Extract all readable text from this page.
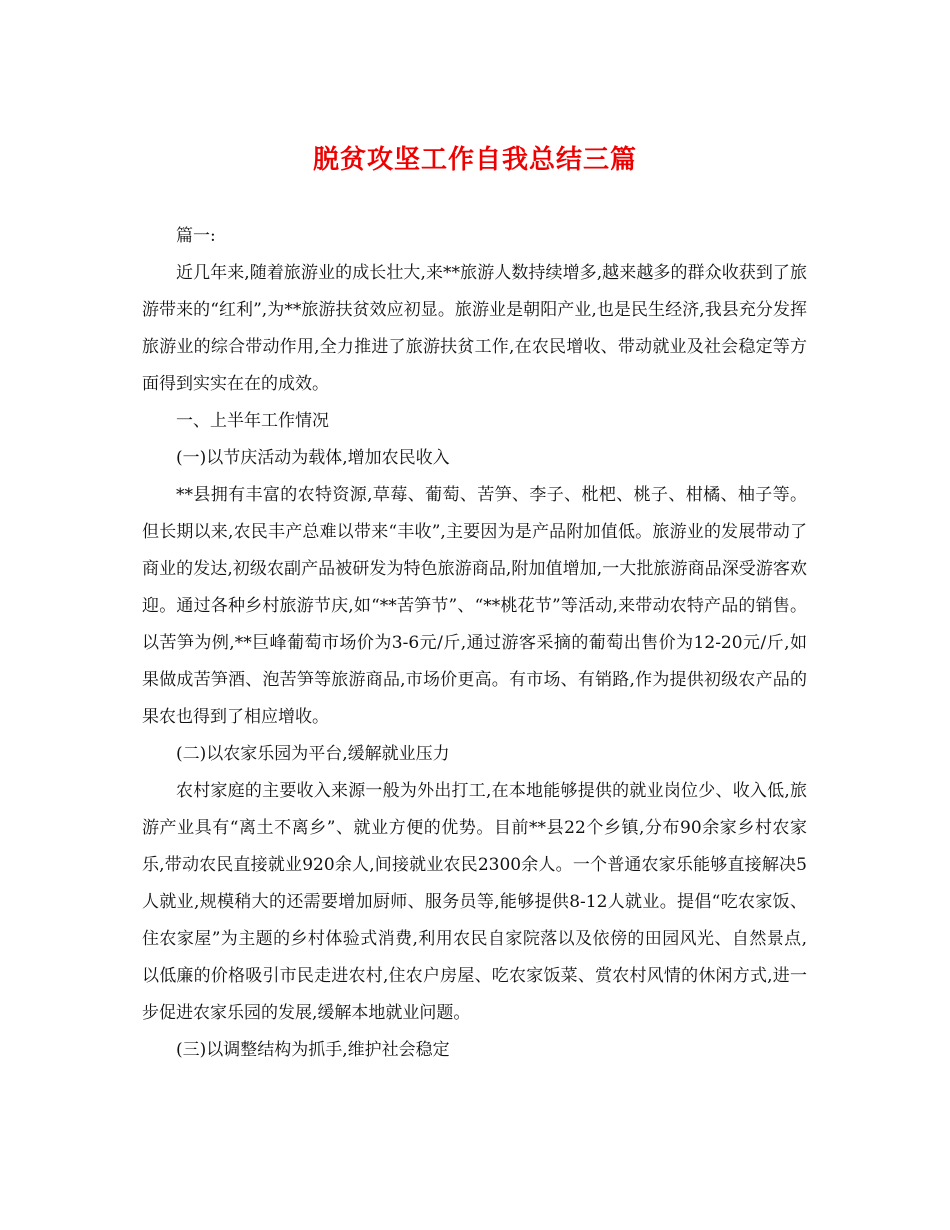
脱贫攻坚工作自我总结三篇

篇一:

近几年来,随着旅游业的成长壮大,来**旅游人数持续增多,越来越多的群众收获到了旅游带来的“红利”,为**旅游扶贫效应初显。旅游业是朝阳产业,也是民生经济,我县充分发挥旅游业的综合带动作用,全力推进了旅游扶贫工作,在农民增收、带动就业及社会稳定等方面得到实实在在的成效。

一、上半年工作情况

(一)以节庆活动为载体,增加农民收入

**县拥有丰富的农特资源,草莓、葡萄、苦笋、李子、枇杷、桃子、柑橘、柚子等。但长期以来,农民丰产总难以带来“丰收”,主要因为是产品附加值低。旅游业的发展带动了商业的发达,初级农副产品被研发为特色旅游商品,附加值增加,一大批旅游商品深受游客欢迎。通过各种乡村旅游节庆,如“**苦笋节”、“**桃花节”等活动,来带动农特产品的销售。以苦笋为例,**巨峰葡萄市场价为3-6元/斤,通过游客采摘的葡萄出售价为12-20元/斤,如果做成苦笋酒、泡苦笋等旅游商品,市场价更高。有市场、有销路,作为提供初级农产品的果农也得到了相应增收。

(二)以农家乐园为平台,缓解就业压力

农村家庭的主要收入来源一般为外出打工,在本地能够提供的就业岗位少、收入低,旅游产业具有“离土不离乡”、就业方便的优势。目前**县22个乡镇,分布90余家乡村农家乐,带动农民直接就业920余人,间接就业农民2300余人。一个普通农家乐能够直接解决5人就业,规模稍大的还需要增加厨师、服务员等,能够提供8-12人就业。提倡“吃农家饭、住农家屋”为主题的乡村体验式消费,利用农民自家院落以及依傍的田园风光、自然景点,以低廉的价格吸引市民走进农村,住农户房屋、吃农家饭菜、赏农村风情的休闲方式,进一步促进农家乐园的发展,缓解本地就业问题。

(三)以调整结构为抓手,维护社会稳定
